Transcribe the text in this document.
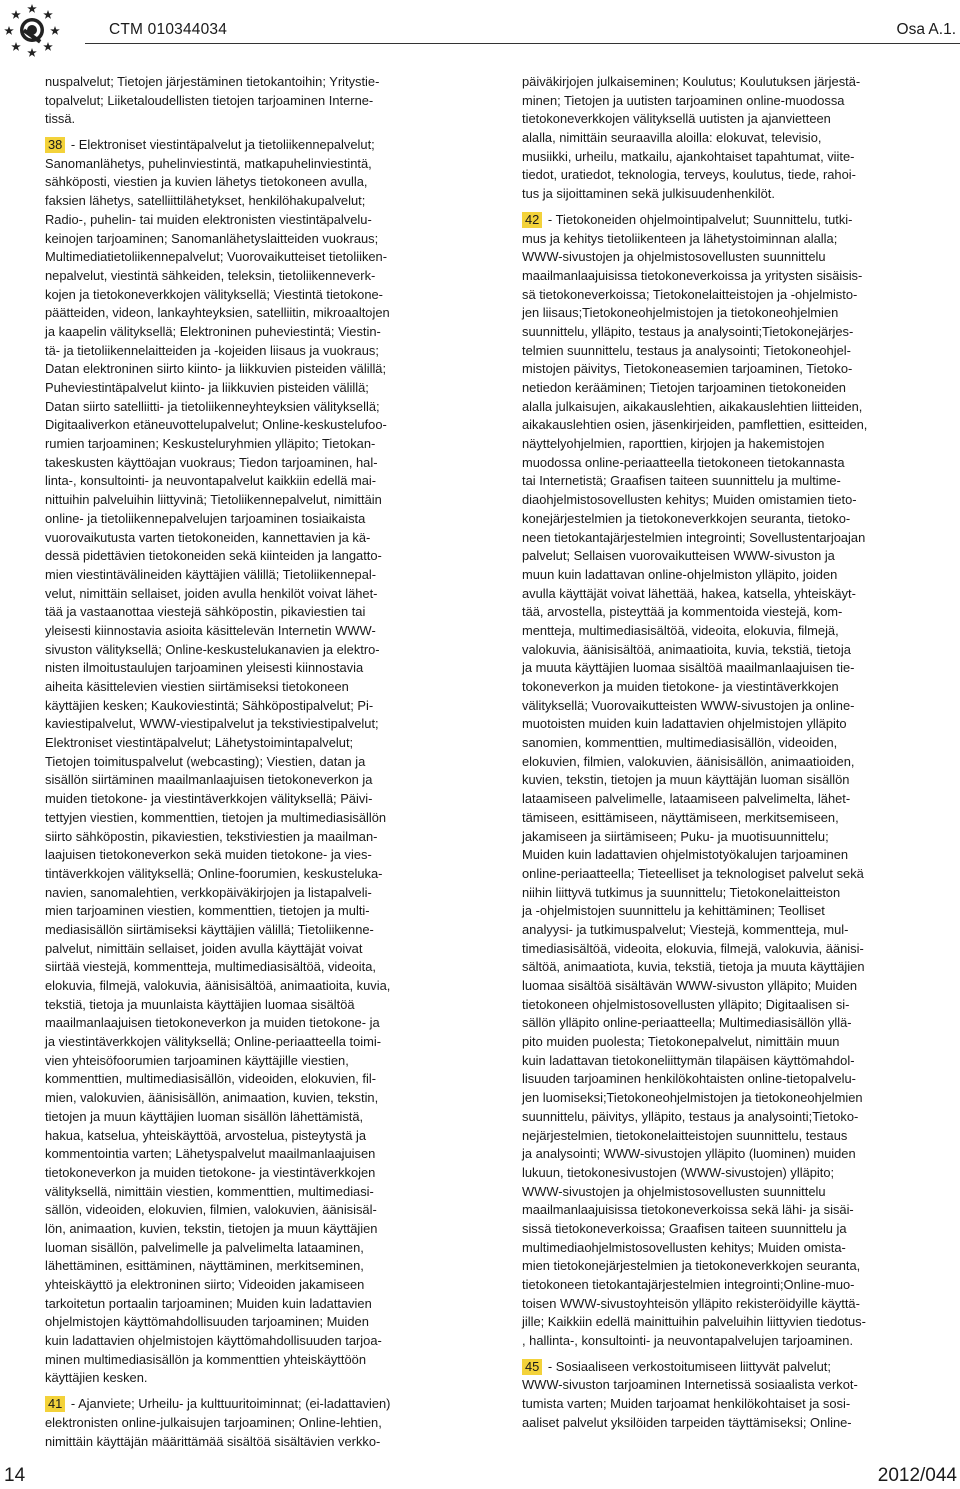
CTM 010344034	Osa A.1.
nuspalvelut; Tietojen järjestäminen tietokantoihin; Yritystie-
topalvelut; Liiketaloudellisten tietojen tarjoaminen Interne-
tissä.
38 - Elektroniset viestintäpalvelut ja tietoliikennepalvelut;
Sanomanlähetys, puhelinviestintä, matkapuhelinviestintä,
sähköposti, viestien ja kuvien lähetys tietokoneen avulla,
faksien lähetys, satelliittilähetykset, henkilöhakupalvelut;
Radio-, puhelin- tai muiden elektronisten viestintäpalvelu-
keinojen tarjoaminen; Sanomanlähetyslaitteiden vuokraus;
Multimediatietoliikennepalvelut; Vuorovaikutteiset tietoliiken-
nepalvelut, viestintä sähkeiden, teleksin, tietoliikenneverk-
kojen ja tietokoneverkkojen välityksellä; Viestintä tietokone-
päätteiden, videon, lankayhteyksien, satelliitin, mikroaaltojen
ja kaapelin välityksellä; Elektroninen puheviestintä; Viestin-
tä- ja tietoliikennelaitteiden ja -kojeiden liisaus ja vuokraus;
Datan elektroninen siirto kiinto- ja liikkuvien pisteiden välillä;
Puheviestintäpalvelut kiinto- ja liikkuvien pisteiden välillä;
Datan siirto satelliitti- ja tietoliikenneyhteyksien välityksellä;
Digitaaliverkon etäneuvottelupalvelut; Online-keskustelufoo-
rumien tarjoaminen; Keskusteluryhmien ylläpito; Tietokan-
takeskusten käyttöajan vuokraus; Tiedon tarjoaminen, hal-
linta-, konsultointi- ja neuvontapalvelut kaikkiin edellä mai-
nittuihin palveluihin liittyvinä; Tietoliikennepalvelut, nimittäin
online- ja tietoliikennepalvelujen tarjoaminen tosiaikaista
vuorovaikutusta varten tietokoneiden, kannettavien ja kä-
dessä pidettävien tietokoneiden sekä kiinteiden ja langatto-
mien viestintävälineiden käyttäjien välillä; Tietoliikennepal-
velut, nimittäin sellaiset, joiden avulla henkilöt voivat lähet-
tää ja vastaanottaa viestejä sähköpostin, pikaviestien tai
yleisesti kiinnostavia asioita käsittelevän Internetin WWW-
sivuston välityksellä; Online-keskustelukanavien ja elektro-
nisten ilmoitustaulujen tarjoaminen yleisesti kiinnostavia
aiheita käsittelevien viestien siirtämiseksi tietokoneen
käyttäjien kesken; Kaukoviestintä; Sähköpostipalvelut; Pi-
kaviestipalvelut, WWW-viestipalvelut ja tekstiviestipalvelut;
Elektroniset viestintäpalvelut; Lähetystoimintapalvelut;
Tietojen toimituspalvelut (webcasting); Viestien, datan ja
sisällön siirtäminen maailmanlaajuisen tietokoneverkon ja
muiden tietokone- ja viestintäverkkojen välityksellä; Päivi-
tettyjen viestien, kommenttien, tietojen ja multimediasisällön
siirto sähköpostin, pikaviestien, tekstiviestien ja maailman-
laajuisen tietokoneverkon sekä muiden tietokone- ja vies-
tintäverkkojen välityksellä; Online-foorumien, keskusteluka-
navien, sanomalehtien, verkkopäiväkirjojen ja listapalveli-
mien tarjoaminen viestien, kommenttien, tietojen ja multi-
mediasisällön siirtämiseksi käyttäjien välillä; Tietoliikenne-
palvelut, nimittäin sellaiset, joiden avulla käyttäjät voivat
siirtää viestejä, kommentteja, multimediasisältöä, videoita,
elokuvia, filmejä, valokuvia, äänisisältöä, animaatioita, kuvia,
tekstiä, tietoja ja muunlaista käyttäjien luomaa sisältöä
maailmanlaajuisen tietokoneverkon ja muiden tietokone- ja
ja viestintäverkkojen välityksellä; Online-periaatteella toimi-
vien yhteisöfoorumien tarjoaminen käyttäjille viestien,
kommenttien, multimediasisällön, videoiden, elokuvien, fil-
mien, valokuvien, äänisisällön, animaation, kuvien, tekstin,
tietojen ja muun käyttäjien luoman sisällön lähettämistä,
hakua, katselua, yhteiskäyttöä, arvostelua, pisteytystä ja
kommentointia varten; Lähetyspalvelut maailmanlaajuisen
tietokoneverkon ja muiden tietokone- ja viestintäverkkojen
välityksellä, nimittäin viestien, kommenttien, multimediasi-
sällön, videoiden, elokuvien, filmien, valokuvien, äänisisäl-
lön, animaation, kuvien, tekstin, tietojen ja muun käyttäjien
luoman sisällön, palvelimelle ja palvelimelta lataaminen,
lähettäminen, esittäminen, näyttäminen, merkitseminen,
yhteiskäyttö ja elektroninen siirto; Videoiden jakamiseen
tarkoitetun portaalin tarjoaminen; Muiden kuin ladattavien
ohjelmistojen käyttömahdollisuuden tarjoaminen; Muiden
kuin ladattavien ohjelmistojen käyttömahdollisuuden tarjoa-
minen multimediasisällön ja kommenttien yhteiskäyttöön
käyttäjien kesken.
41 - Ajanviete; Urheilu- ja kulttuuritoiminnat; (ei-ladattavien)
elektronisten online-julkaisujen tarjoaminen; Online-lehtien,
nimittäin käyttäjän määrittämää sisältöä sisältävien verkko-
päiväkirjojen julkaiseminen; Koulutus; Koulutuksen järjestä-
minen; Tietojen ja uutisten tarjoaminen online-muodossa
tietokoneverkkojen välityksellä uutisten ja ajanvietteen
alalla, nimittäin seuraavilla aloilla: elokuvat, televisio,
musiikki, urheilu, matkailu, ajankohtaiset tapahtumat, viite-
tiedot, uratiedot, teknologia, terveys, koulutus, tiede, rahoi-
tus ja sijoittaminen sekä julkisuudenhenkilöt.
42 - Tietokoneiden ohjelmointipalvelut; Suunnittelu, tutki-
mus ja kehitys tietoliikenteen ja lähetystoiminnan alalla;
WWW-sivustojen ja ohjelmistosovellusten suunnittelu
maailmanlaajuisissa tietokoneverkoissa ja yritysten sisäisis-
sä tietokoneverkoissa; Tietokonelaitteistojen ja -ohjelmisto-
jen liisaus;Tietokoneohjelmistojen ja tietokoneohjelmien
suunnittelu, ylläpito, testaus ja analysointi;Tietokonejärjes-
telmien suunnittelu, testaus ja analysointi; Tietokoneohjel-
mistojen päivitys, Tietokoneasemien tarjoaminen, Tietoko-
netiedon kerääminen; Tietojen tarjoaminen tietokoneiden
alalla julkaisujen, aikakauslehtien, aikakauslehtien liitteiden,
aikakauslehtien osien, jäsenkirjeiden, pamflettien, esitteiden,
näyttelyohjelmien, raporttien, kirjojen ja hakemistojen
muodossa online-periaatteella tietokoneen tietokannasta
tai Internetistä; Graafisen taiteen suunnittelu ja multime-
diaohjelmistosovellusten kehitys; Muiden omistamien tieto-
konejärjestelmien ja tietokoneverkkojen seuranta, tietoko-
neen tietokantajärjestelmien integrointi; Sovellustentarjoajan
palvelut; Sellaisen vuorovaikutteisen WWW-sivuston ja
muun kuin ladattavan online-ohjelmiston ylläpito, joiden
avulla käyttäjät voivat lähettää, hakea, katsella, yhteiskäyt-
tää, arvostella, pisteyttää ja kommentoida viestejä, kom-
mentteja, multimediasisältöä, videoita, elokuvia, filmejä,
valokuvia, äänisisältöä, animaatioita, kuvia, tekstiä, tietoja
ja muuta käyttäjien luomaa sisältöä maailmanlaajuisen tie-
tokoneverkon ja muiden tietokone- ja viestintäverkkojen
välityksellä; Vuorovaikutteisten WWW-sivustojen ja online-
muotoisten muiden kuin ladattavien ohjelmistojen ylläpito
sanomien, kommenttien, multimediasisällön, videoiden,
elokuvien, filmien, valokuvien, äänisisällön, animaatioiden,
kuvien, tekstin, tietojen ja muun käyttäjän luoman sisällön
lataamiseen palvelimelle, lataamiseen palvelimelta, lähet-
tämiseen, esittämiseen, näyttämiseen, merkitsemiseen,
jakamiseen ja siirtämiseen; Puku- ja muotisuunnittelu;
Muiden kuin ladattavien ohjelmistotyökalujen tarjoaminen
online-periaatteella; Tieteelliset ja teknologiset palvelut sekä
niihin liittyvä tutkimus ja suunnittelu; Tietokonelaitteiston
ja -ohjelmistojen suunnittelu ja kehittäminen; Teolliset
analyysi- ja tutkimuspalvelut; Viestejä, kommentteja, mul-
timediasisältöä, videoita, elokuvia, filmejä, valokuvia, äänisi-
sältöä, animaatiota, kuvia, tekstiä, tietoja ja muuta käyttäjien
luomaa sisältöä sisältävän WWW-sivuston ylläpito; Muiden
tietokoneen ohjelmistosovellusten ylläpito; Digitaalisen si-
sällön ylläpito online-periaatteella; Multimediasisällön yllä-
pito muiden puolesta; Tietokonepalvelut, nimittäin muun
kuin ladattavan tietokoneliittymän tilapäisen käyttömahdol-
lisuuden tarjoaminen henkilökohtaisten online-tietopalvelu-
jen luomiseksi;Tietokoneohjelmistojen ja tietokoneohjelmien
suunnittelu, päivitys, ylläpito, testaus ja analysointi;Tietoko-
nejärjestelmien, tietokonelaitteistojen suunnittelu, testaus
ja analysointi; WWW-sivustojen ylläpito (luominen) muiden
lukuun, tietokonesivustojen (WWW-sivustojen) ylläpito;
WWW-sivustojen ja ohjelmistosovellusten suunnittelu
maailmanlaajuisissa tietokoneverkoissa sekä lähi- ja sisäi-
sissä tietokoneverkoissa; Graafisen taiteen suunnittelu ja
multimediaohjelmistosovellusten kehitys; Muiden omista-
mien tietokonejärjestelmien ja tietokoneverkkojen seuranta,
tietokoneen tietokantajärjestelmien integrointi;Online-muo-
toisen WWW-sivustoyhteisön ylläpito rekisteröidyille käyttä-
jille; Kaikkiin edellä mainittuihin palveluihin liittyvien tiedotus-
, hallinta-, konsultointi- ja neuvontapalvelujen tarjoaminen.
45 - Sosiaaliseen verkostoitumiseen liittyvät palvelut;
WWW-sivuston tarjoaminen Internetissä sosiaalista verkot-
tumista varten; Muiden tarjoamat henkilökohtaiset ja sosi-
aaliset palvelut yksilöiden tarpeiden täyttämiseksi; Online-
14	2012/044
